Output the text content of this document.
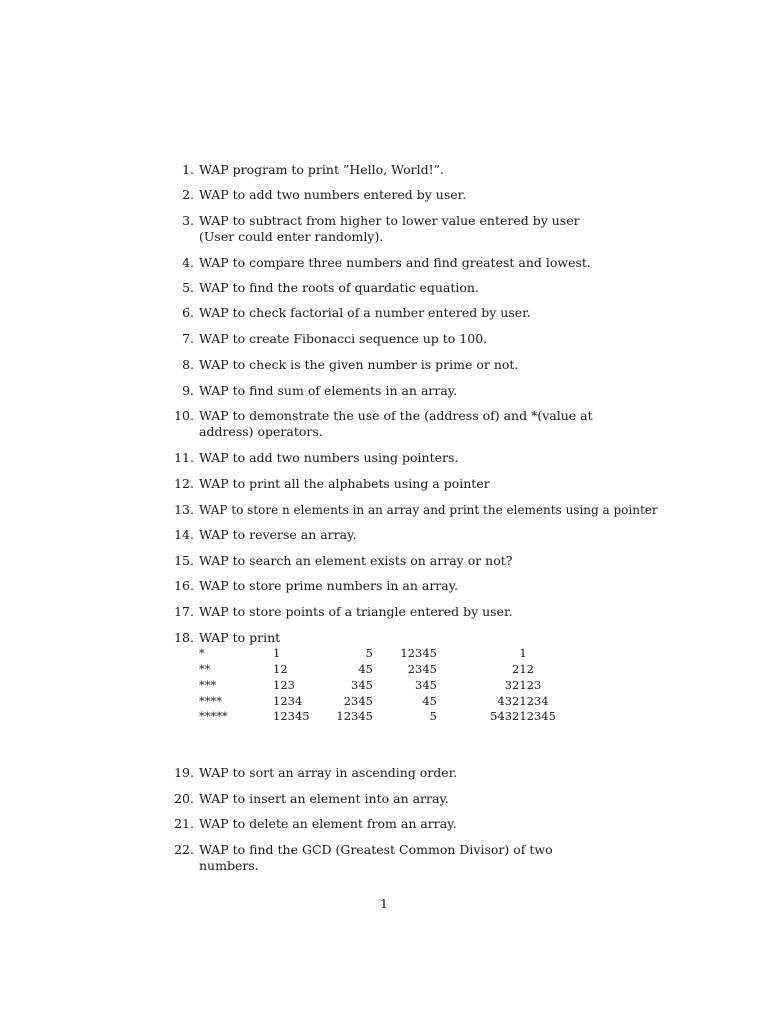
1. WAP program to print ”Hello, World!”.
2. WAP to add two numbers entered by user.
3. WAP to subtract from higher to lower value entered by user (User could enter randomly).
4. WAP to compare three numbers and find greatest and lowest.
5. WAP to find the roots of quardatic equation.
6. WAP to check factorial of a number entered by user.
7. WAP to create Fibonacci sequence up to 100.
8. WAP to check is the given number is prime or not.
9. WAP to find sum of elements in an array.
10. WAP to demonstrate the use of the (address of) and *(value at address) operators.
11. WAP to add two numbers using pointers.
12. WAP to print all the alphabets using a pointer
13. WAP to store n elements in an array and print the elements using a pointer
14. WAP to reverse an array.
15. WAP to search an element exists on array or not?
16. WAP to store prime numbers in an array.
17. WAP to store points of a triangle entered by user.
18. WAP to print
*	1	5	12345	1
**	12	45	2345	212
***	123	345	345	32123
****	1234	2345	45	4321234
*****	12345	12345	5	543212345
19. WAP to sort an array in ascending order.
20. WAP to insert an element into an array.
21. WAP to delete an element from an array.
22. WAP to find the GCD (Greatest Common Divisor) of two numbers.
1
